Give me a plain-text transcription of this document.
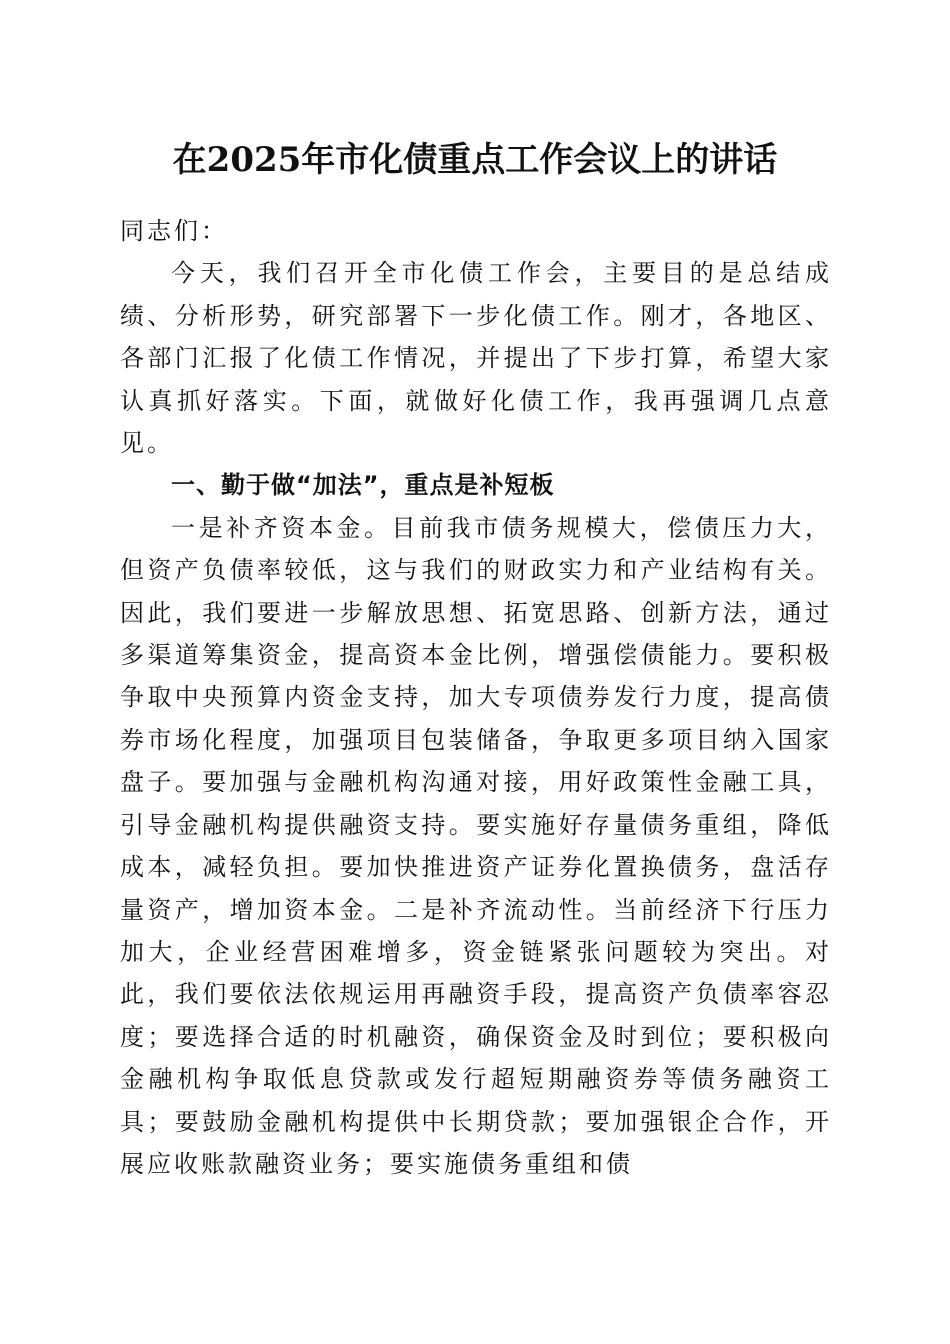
在2025年市化债重点工作会议上的讲话

同志们：

今天，我们召开全市化债工作会，主要目的是总结成绩、分析形势，研究部署下一步化债工作。刚才，各地区、各部门汇报了化债工作情况，并提出了下步打算，希望大家认真抓好落实。下面，就做好化债工作，我再强调几点意见。

一、勤于做“加法”，重点是补短板

一是补齐资本金。目前我市债务规模大，偿债压力大，但资产负债率较低，这与我们的财政实力和产业结构有关。因此，我们要进一步解放思想、拓宽思路、创新方法，通过多渠道筹集资金，提高资本金比例，增强偿债能力。要积极争取中央预算内资金支持，加大专项债券发行力度，提高债券市场化程度，加强项目包装储备，争取更多项目纳入国家盘子。要加强与金融机构沟通对接，用好政策性金融工具，引导金融机构提供融资支持。要实施好存量债务重组，降低成本，减轻负担。要加快推进资产证券化置换债务，盘活存量资产，增加资本金。二是补齐流动性。当前经济下行压力加大，企业经营困难增多，资金链紧张问题较为突出。对此，我们要依法依规运用再融资手段，提高资产负债率容忍度；要选择合适的时机融资，确保资金及时到位；要积极向金融机构争取低息贷款或发行超短期融资券等债务融资工具；要鼓励金融机构提供中长期贷款；要加强银企合作，开展应收账款融资业务；要实施债务重组和债
